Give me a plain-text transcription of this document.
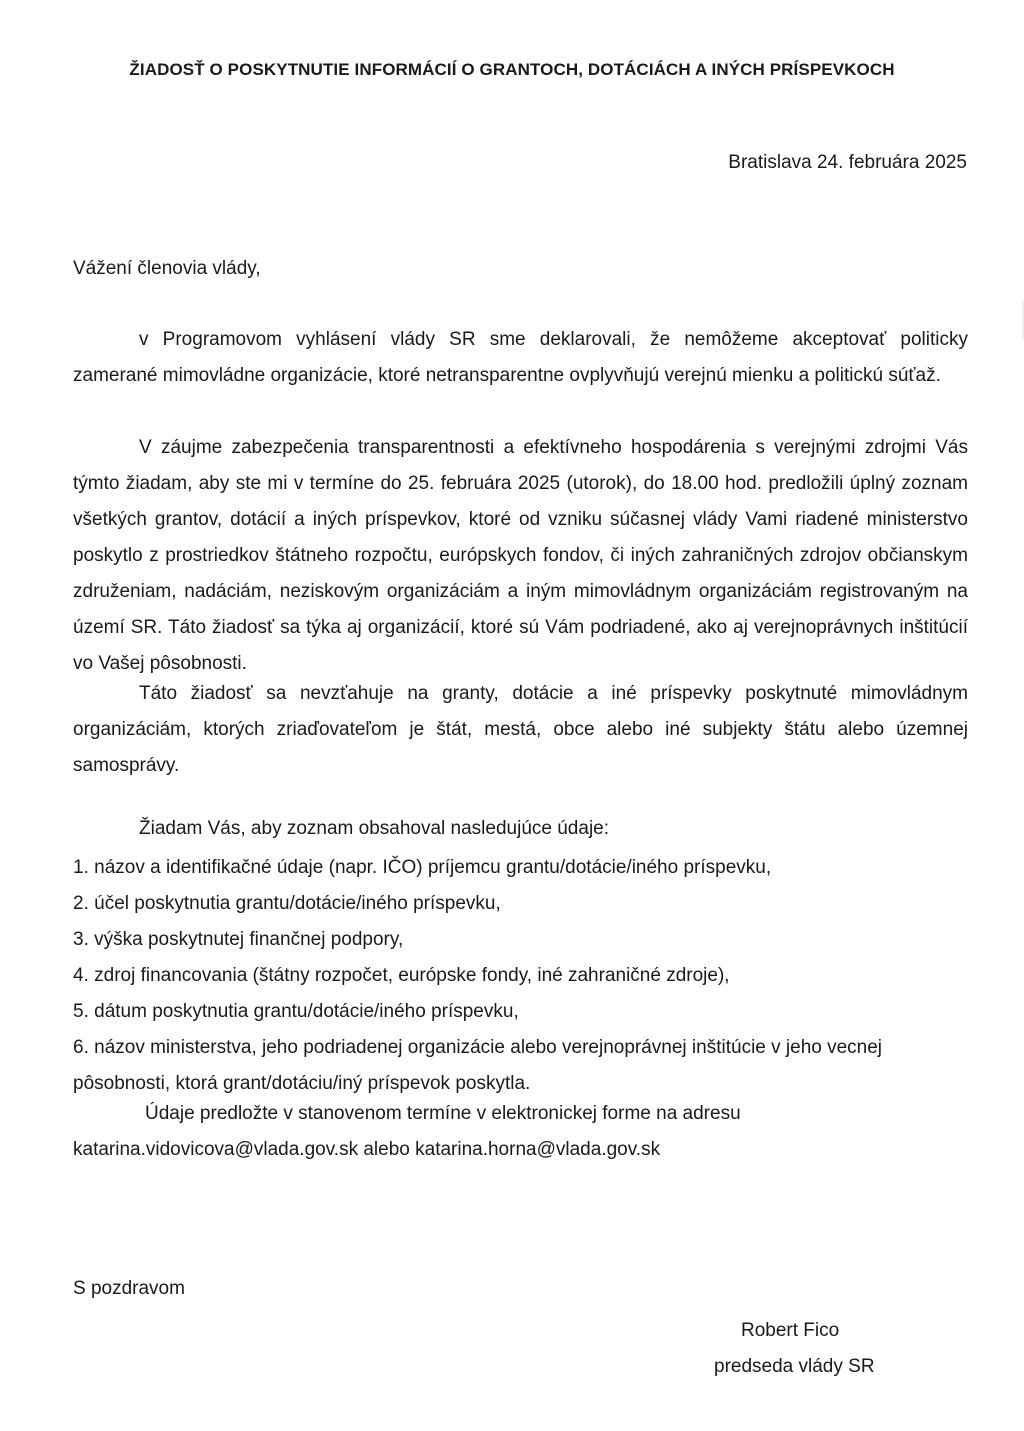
ŽIADOSŤ O POSKYTNUTIE INFORMÁCIÍ O GRANTOCH, DOTÁCIÁCH A INÝCH PRÍSPEVKOCH
Bratislava 24. februára 2025
Vážení členovia vlády,

v Programovom vyhlásení vlády SR sme deklarovali, že nemôžeme akceptovať politicky zamerané mimovládne organizácie, ktoré netransparentne ovplyvňujú verejnú mienku a politickú súťaž.

V záujme zabezpečenia transparentnosti a efektívneho hospodárenia s verejnými zdrojmi Vás týmto žiadam, aby ste mi v termíne do 25. februára 2025 (utorok), do 18.00 hod. predložili úplný zoznam všetkých grantov, dotácií a iných príspevkov, ktoré od vzniku súčasnej vlády Vami riadené ministerstvo poskytlo z prostriedkov štátneho rozpočtu, európskych fondov, či iných zahraničných zdrojov občianskym združeniam, nadáciám, neziskovým organizáciám a iným mimovládnym organizáciám registrovaným na území SR. Táto žiadosť sa týka aj organizácií, ktoré sú Vám podriadené, ako aj verejnoprávnych inštitúcií vo Vašej pôsobnosti.

Táto žiadosť sa nevzťahuje na granty, dotácie a iné príspevky poskytnuté mimovládnym organizáciám, ktorých zriaďovateľom je štát, mestá, obce alebo iné subjekty štátu alebo územnej samosprávy.

Žiadam Vás, aby zoznam obsahoval nasledujúce údaje:
1. názov a identifikačné údaje (napr. IČO) príjemcu grantu/dotácie/iného príspevku,
2. účel poskytnutia grantu/dotácie/iného príspevku,
3. výška poskytnutej finančnej podpory,
4. zdroj financovania (štátny rozpočet, európske fondy, iné zahraničné zdroje),
5. dátum poskytnutia grantu/dotácie/iného príspevku,
6. názov ministerstva, jeho podriadenej organizácie alebo verejnoprávnej inštitúcie v jeho vecnej pôsobnosti, ktorá grant/dotáciu/iný príspevok poskytla.

Údaje predložte v stanovenom termíne v elektronickej forme na adresu katarina.vidovicova@vlada.gov.sk alebo katarina.horna@vlada.gov.sk

S pozdravom
Robert Fico
predseda vlády SR
